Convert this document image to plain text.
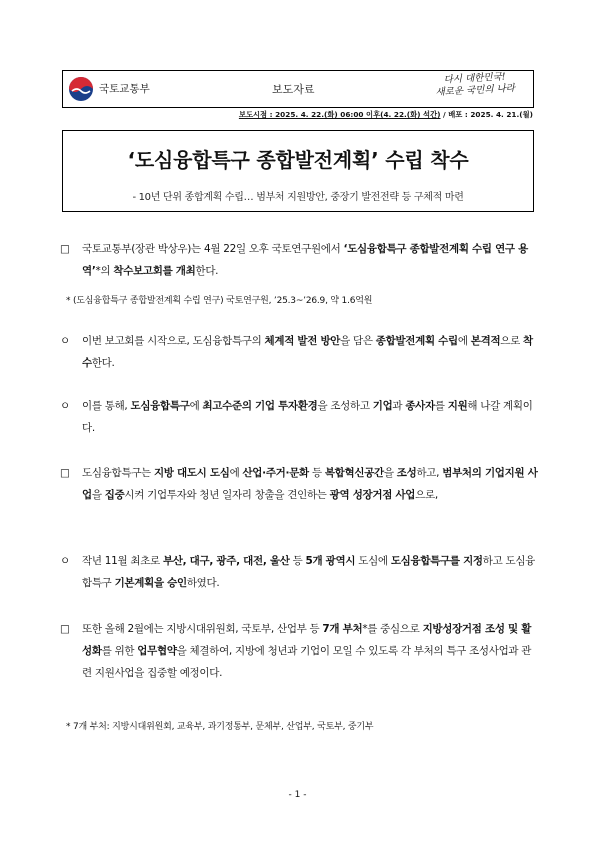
국토교통부	보도자료
다시 대한민국!
새로운 국민의 나라
보도시점 : 2025. 4. 22.(화) 06:00 이후(4. 22.(화) 석간) / 배포 : 2025. 4. 21.(월)
‘도심융합특구 종합발전계획’ 수립 착수
- 10년 단위 종합계획 수립… 범부처 지원방안, 중장기 발전전략 등 구체적 마련
□ 국토교통부(장관 박상우)는 4월 22일 오후 국토연구원에서 ‘도심융합특구 종합발전계획 수립 연구 용역’*의 착수보고회를 개최한다.
* (도심융합특구 종합발전계획 수립 연구) 국토연구원, ’25.3~’26.9, 약 1.6억원
ㅇ 이번 보고회를 시작으로, 도심융합특구의 체계적 발전 방안을 담은 종합발전계획 수립에 본격적으로 착수한다.
ㅇ 이를 통해, 도심융합특구에 최고수준의 기업 투자환경을 조성하고 기업과 종사자를 지원해 나갈 계획이다.
□ 도심융합특구는 지방 대도시 도심에 산업·주거·문화 등 복합혁신공간을 조성하고, 범부처의 기업지원 사업을 집중시켜 기업투자와 청년 일자리 창출을 견인하는 광역 성장거점 사업으로,
ㅇ 작년 11월 최초로 부산, 대구, 광주, 대전, 울산 등 5개 광역시 도심에 도심융합특구를 지정하고 도심융합특구 기본계획을 승인하였다.
□ 또한 올해 2월에는 지방시대위원회, 국토부, 산업부 등 7개 부처*를 중심으로 지방성장거점 조성 및 활성화를 위한 업무협약을 체결하여, 지방에 청년과 기업이 모일 수 있도록 각 부처의 특구 조성사업과 관련 지원사업을 집중할 예정이다.
* 7개 부처: 지방시대위원회, 교육부, 과기정통부, 문체부, 산업부, 국토부, 중기부
- 1 -
